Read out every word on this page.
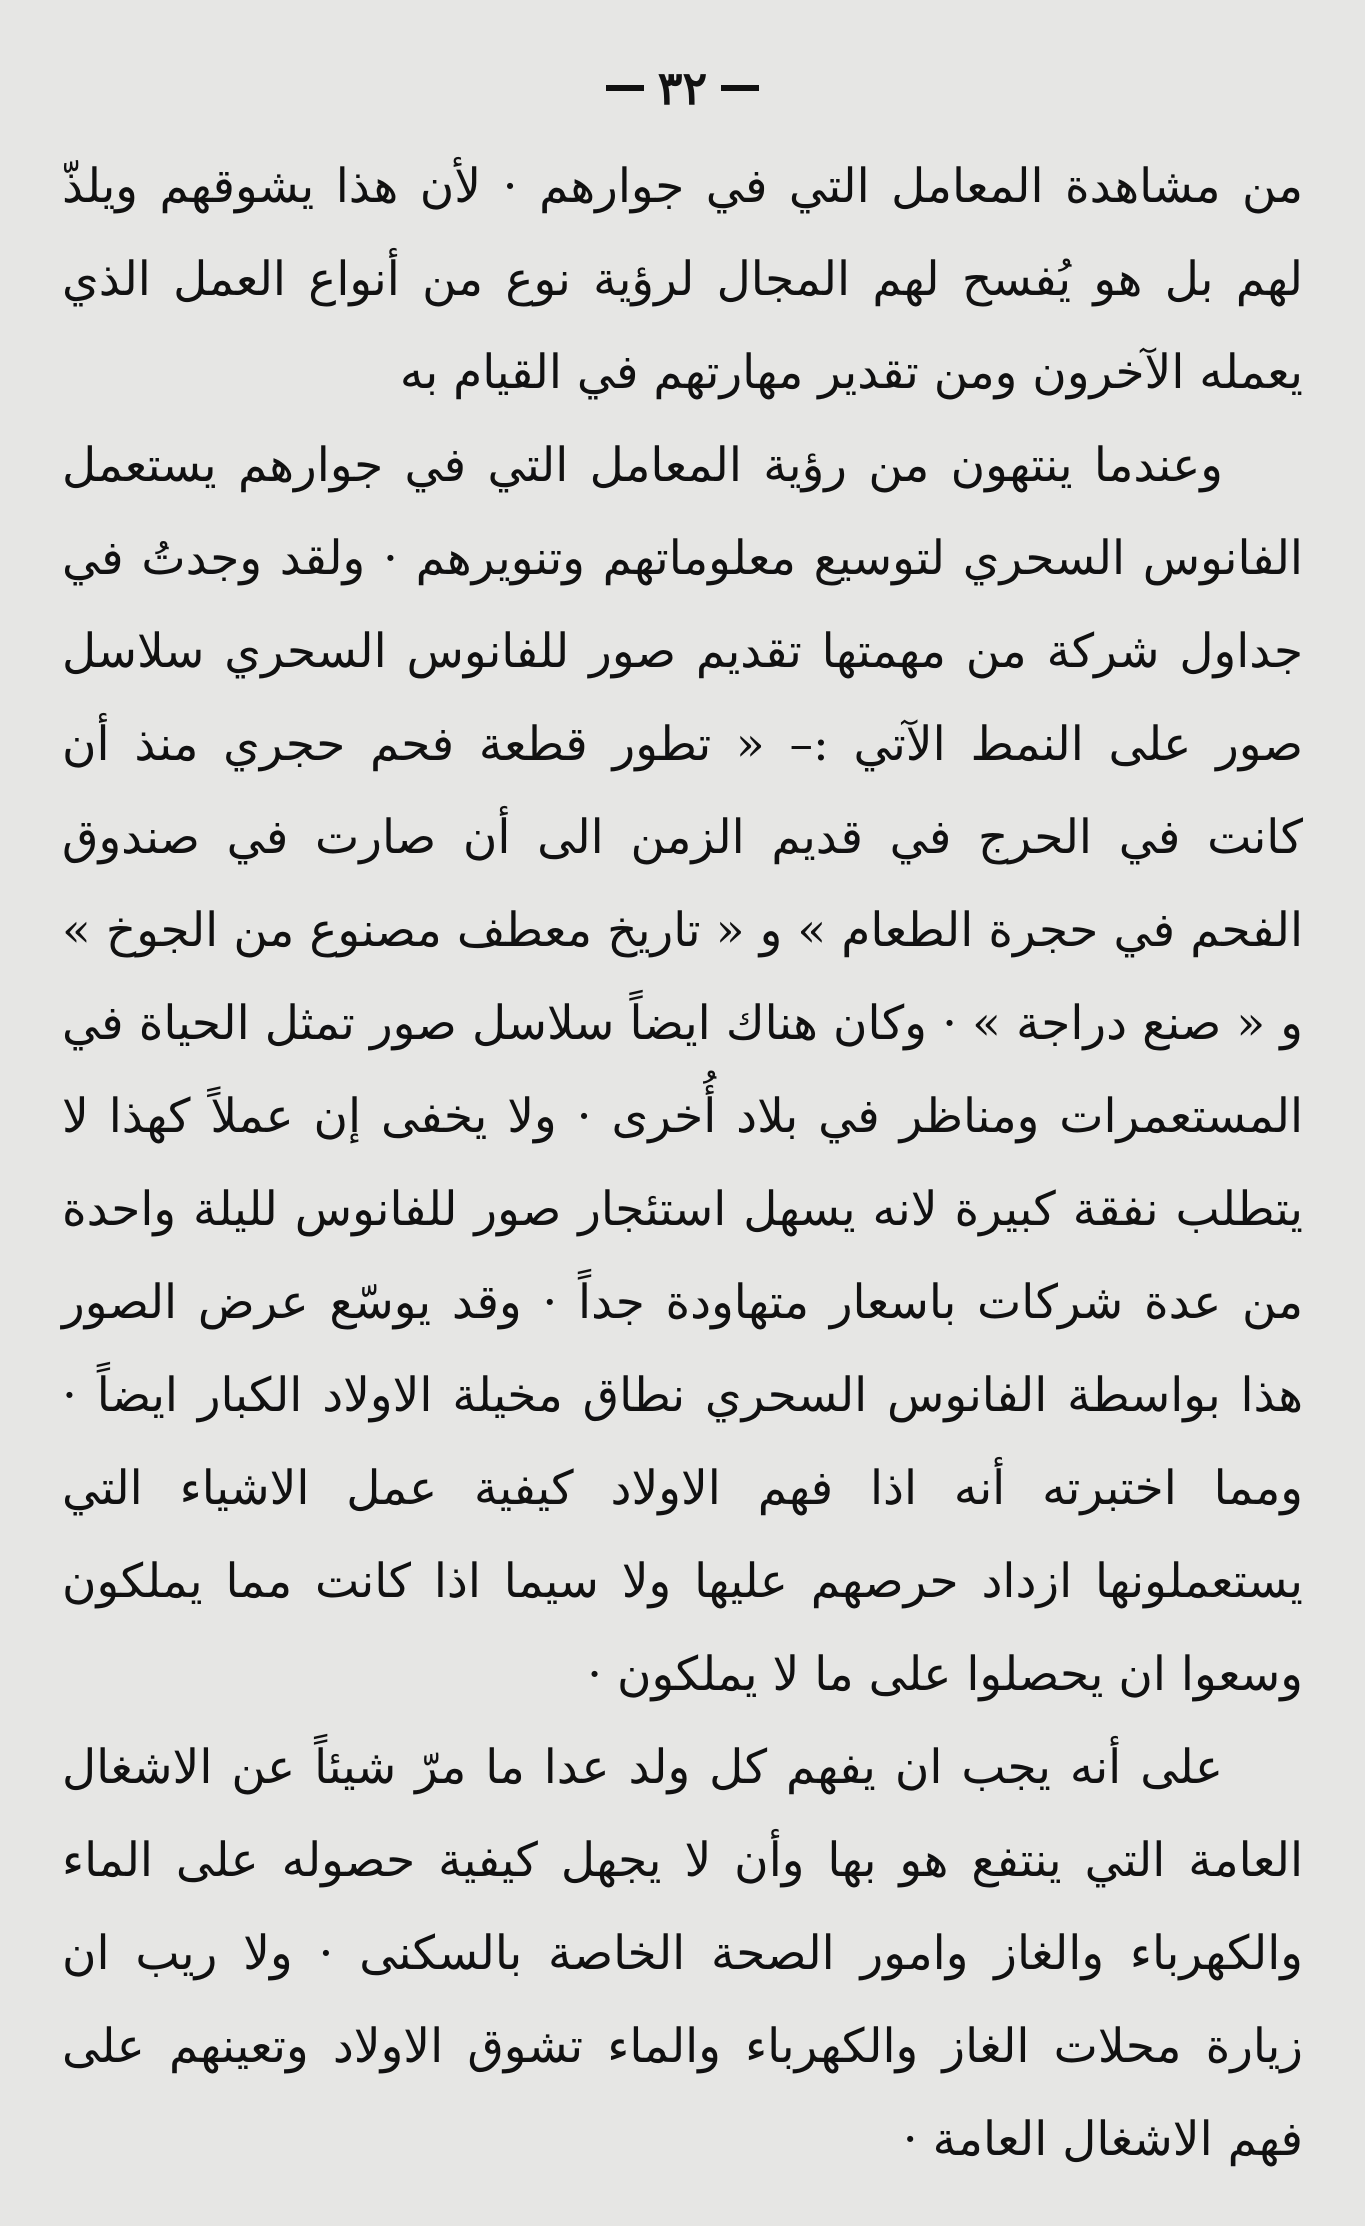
٣٢

من مشاهدة المعامل التي في جوارهم · لأن هذا يشوقهم ويلذّ لهم بل هو يُفسح لهم المجال لرؤية نوع من أنواع العمل الذي يعمله الآخرون ومن تقدير مهارتهم في القيام به

وعندما ينتهون من رؤية المعامل التي في جوارهم يستعمل الفانوس السحري لتوسيع معلوماتهم وتنويرهم · ولقد وجدتُ في جداول شركة من مهمتها تقديم صور للفانوس السحري سلاسل صور على النمط الآتي :– « تطور قطعة فحم حجري منذ أن كانت في الحرج في قديم الزمن الى أن صارت في صندوق الفحم في حجرة الطعام » و « تاريخ معطف مصنوع من الجوخ » و « صنع دراجة » · وكان هناك ايضاً سلاسل صور تمثل الحياة في المستعمرات ومناظر في بلاد أُخرى · ولا يخفى إن عملاً كهذا لا يتطلب نفقة كبيرة لانه يسهل استئجار صور للفانوس لليلة واحدة من عدة شركات باسعار متهاودة جداً · وقد يوسّع عرض الصور هذا بواسطة الفانوس السحري نطاق مخيلة الاولاد الكبار ايضاً · ومما اختبرته أنه اذا فهم الاولاد كيفية عمل الاشياء التي يستعملونها ازداد حرصهم عليها ولا سيما اذا كانت مما يملكون وسعوا ان يحصلوا على ما لا يملكون ·

على أنه يجب ان يفهم كل ولد عدا ما مرّ شيئاً عن الاشغال العامة التي ينتفع هو بها وأن لا يجهل كيفية حصوله على الماء والكهرباء والغاز وامور الصحة الخاصة بالسكنى · ولا ريب ان زيارة محلات الغاز والكهرباء والماء تشوق الاولاد وتعينهم على فهم الاشغال العامة ·
